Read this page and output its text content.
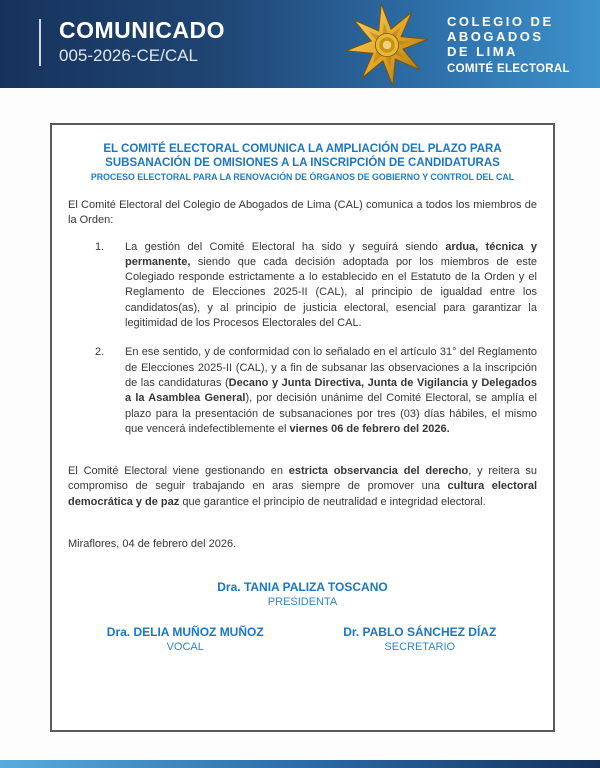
COMUNICADO
005-2026-CE/CAL
COLEGIO DE
ABOGADOS
DE LIMA
COMITÉ ELECTORAL
EL COMITÉ ELECTORAL COMUNICA LA AMPLIACIÓN DEL PLAZO PARA
SUBSANACIÓN DE OMISIONES A LA INSCRIPCIÓN DE CANDIDATURAS
PROCESO ELECTORAL PARA LA RENOVACIÓN DE ÓRGANOS DE GOBIERNO Y CONTROL DEL CAL
El Comité Electoral del Colegio de Abogados de Lima (CAL) comunica a todos los miembros de la Orden:
1.	La gestión del Comité Electoral ha sido y seguirá siendo ardua, técnica y permanente, siendo que cada decisión adoptada por los miembros de este Colegiado responde estrictamente a lo establecido en el Estatuto de la Orden y el Reglamento de Elecciones 2025-II (CAL), al principio de igualdad entre los candidatos(as), y al principio de justicia electoral, esencial para garantizar la legitimidad de los Procesos Electorales del CAL.
2.	En ese sentido, y de conformidad con lo señalado en el artículo 31° del Reglamento de Elecciones 2025-II (CAL), y a fin de subsanar las observaciones a la inscripción de las candidaturas (Decano y Junta Directiva, Junta de Vigilancia y Delegados a la Asamblea General), por decisión unánime del Comité Electoral, se amplía el plazo para la presentación de subsanaciones por tres (03) días hábiles, el mismo que vencerá indefectiblemente el viernes 06 de febrero del 2026.
El Comité Electoral viene gestionando en estricta observancia del derecho, y reitera su compromiso de seguir trabajando en aras siempre de promover una cultura electoral democrática y de paz que garantice el principio de neutralidad e integridad electoral.
Miraflores, 04 de febrero del 2026.
Dra. TANIA PALIZA TOSCANO
PRESIDENTA
Dra. DELIA MUÑOZ MUÑOZ
VOCAL
Dr. PABLO SÁNCHEZ DÍAZ
SECRETARIO
